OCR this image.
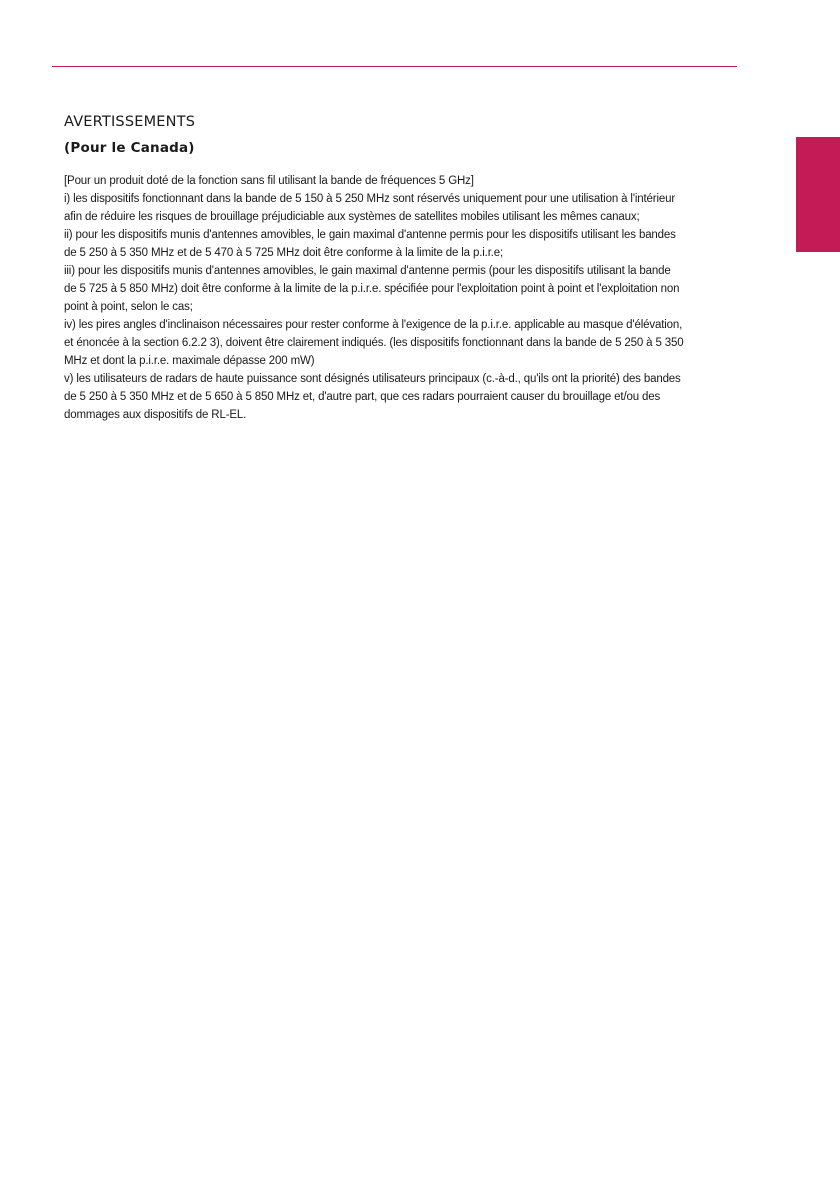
AVERTISSEMENTS
(Pour le Canada)
[Pour un produit doté de la fonction sans fil utilisant la bande de fréquences 5 GHz]
i) les dispositifs fonctionnant dans la bande de 5 150 à 5 250 MHz sont réservés uniquement pour une utilisation à l'intérieur afin de réduire les risques de brouillage préjudiciable aux systèmes de satellites mobiles utilisant les mêmes canaux;
ii) pour les dispositifs munis d'antennes amovibles, le gain maximal d'antenne permis pour les dispositifs utilisant les bandes de 5 250 à 5 350 MHz et de 5 470 à 5 725 MHz doit être conforme à la limite de la p.i.r.e;
iii) pour les dispositifs munis d'antennes amovibles, le gain maximal d'antenne permis (pour les dispositifs utilisant la bande de 5 725 à 5 850 MHz) doit être conforme à la limite de la p.i.r.e. spécifiée pour l'exploitation point à point et l'exploitation non point à point, selon le cas;
iv) les pires angles d'inclinaison nécessaires pour rester conforme à l'exigence de la p.i.r.e. applicable au masque d'élévation, et énoncée à la section 6.2.2 3), doivent être clairement indiqués. (les dispositifs fonctionnant dans la bande de 5 250 à 5 350 MHz et dont la p.i.r.e. maximale dépasse 200 mW)
v) les utilisateurs de radars de haute puissance sont désignés utilisateurs principaux (c.-à-d., qu'ils ont la priorité) des bandes de 5 250 à 5 350 MHz et de 5 650 à 5 850 MHz et, d'autre part, que ces radars pourraient causer du brouillage et/ou des dommages aux dispositifs de RL-EL.
